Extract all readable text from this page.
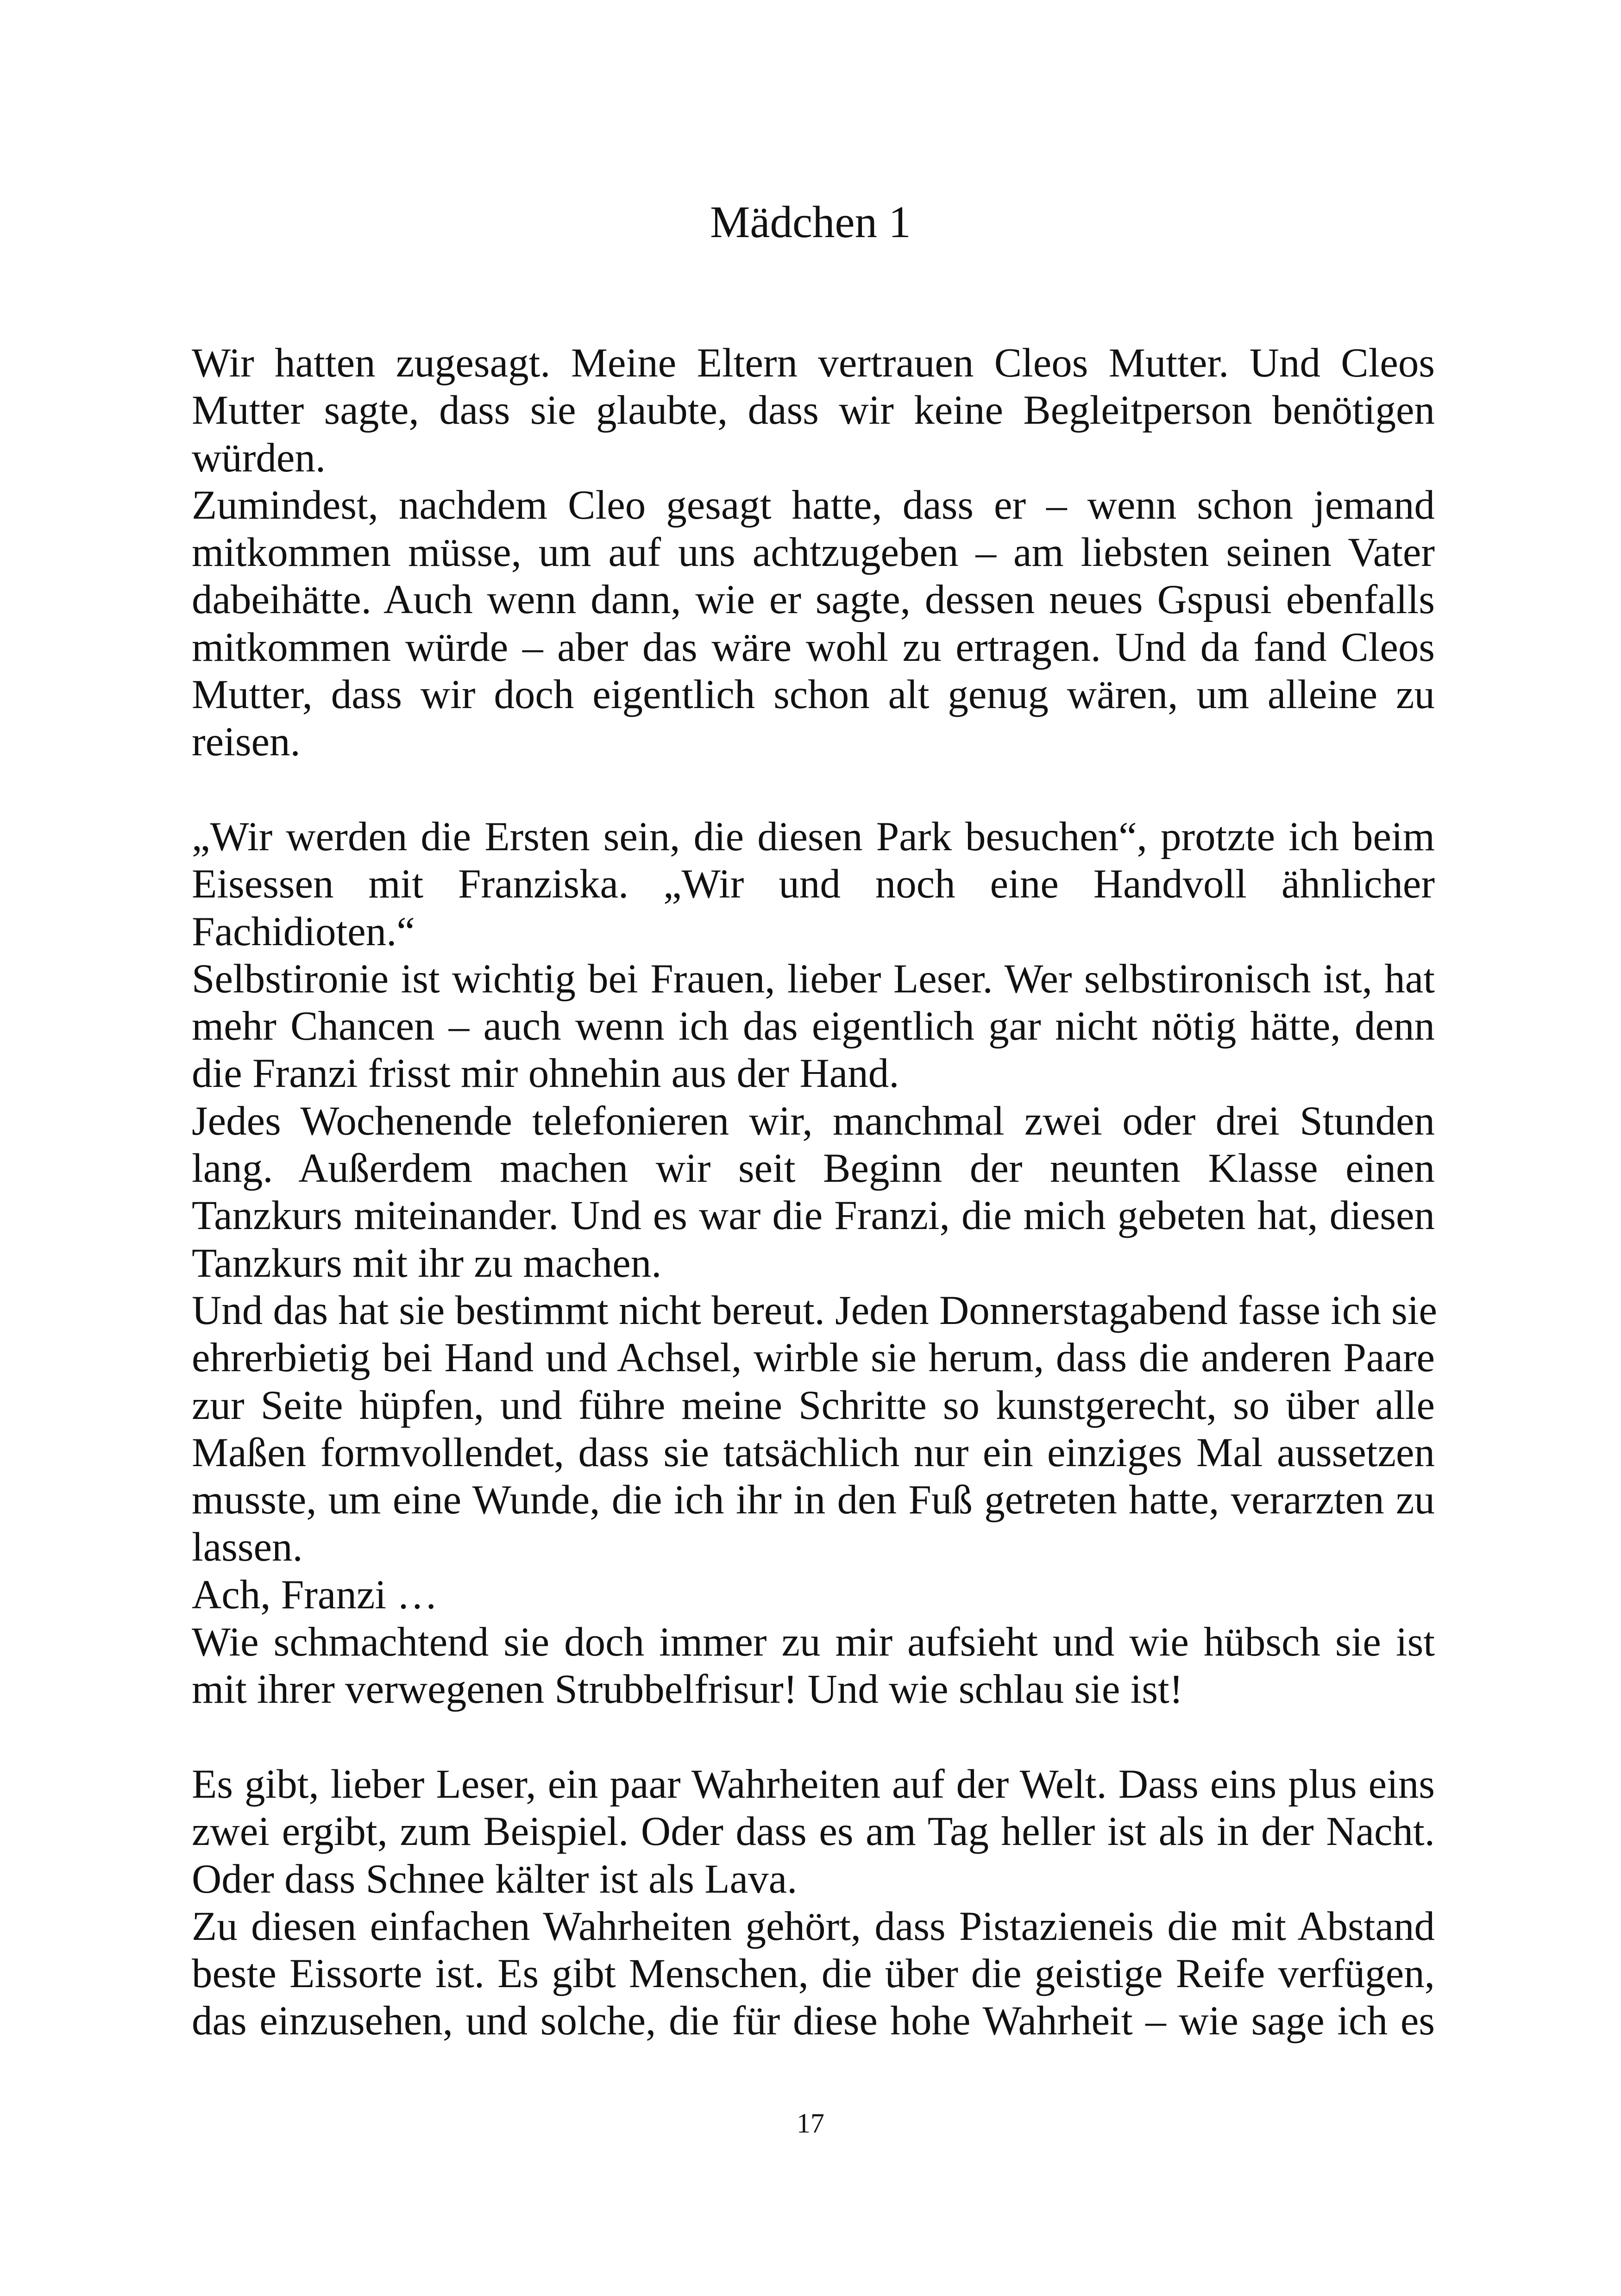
Mädchen 1
Wir hatten zugesagt. Meine Eltern vertrauen Cleos Mutter. Und Cleos
Mutter sagte, dass sie glaubte, dass wir keine Begleitperson benötigen
würden.
Zumindest, nachdem Cleo gesagt hatte, dass er – wenn schon jemand
mitkommen müsse, um auf uns achtzugeben – am liebsten seinen Vater
dabeihätte. Auch wenn dann, wie er sagte, dessen neues Gspusi ebenfalls
mitkommen würde – aber das wäre wohl zu ertragen. Und da fand Cleos
Mutter, dass wir doch eigentlich schon alt genug wären, um alleine zu
reisen.
„Wir werden die Ersten sein, die diesen Park besuchen“, protzte ich beim
Eisessen mit Franziska. „Wir und noch eine Handvoll ähnlicher
Fachidioten.“
Selbstironie ist wichtig bei Frauen, lieber Leser. Wer selbstironisch ist, hat
mehr Chancen – auch wenn ich das eigentlich gar nicht nötig hätte, denn
die Franzi frisst mir ohnehin aus der Hand.
Jedes Wochenende telefonieren wir, manchmal zwei oder drei Stunden
lang. Außerdem machen wir seit Beginn der neunten Klasse einen
Tanzkurs miteinander. Und es war die Franzi, die mich gebeten hat, diesen
Tanzkurs mit ihr zu machen.
Und das hat sie bestimmt nicht bereut. Jeden Donnerstagabend fasse ich sie
ehrerbietig bei Hand und Achsel, wirble sie herum, dass die anderen Paare
zur Seite hüpfen, und führe meine Schritte so kunstgerecht, so über alle
Maßen formvollendet, dass sie tatsächlich nur ein einziges Mal aussetzen
musste, um eine Wunde, die ich ihr in den Fuß getreten hatte, verarzten zu
lassen.
Ach, Franzi …
Wie schmachtend sie doch immer zu mir aufsieht und wie hübsch sie ist
mit ihrer verwegenen Strubbelfrisur! Und wie schlau sie ist!
Es gibt, lieber Leser, ein paar Wahrheiten auf der Welt. Dass eins plus eins
zwei ergibt, zum Beispiel. Oder dass es am Tag heller ist als in der Nacht.
Oder dass Schnee kälter ist als Lava.
Zu diesen einfachen Wahrheiten gehört, dass Pistazieneis die mit Abstand
beste Eissorte ist. Es gibt Menschen, die über die geistige Reife verfügen,
das einzusehen, und solche, die für diese hohe Wahrheit – wie sage ich es
17
